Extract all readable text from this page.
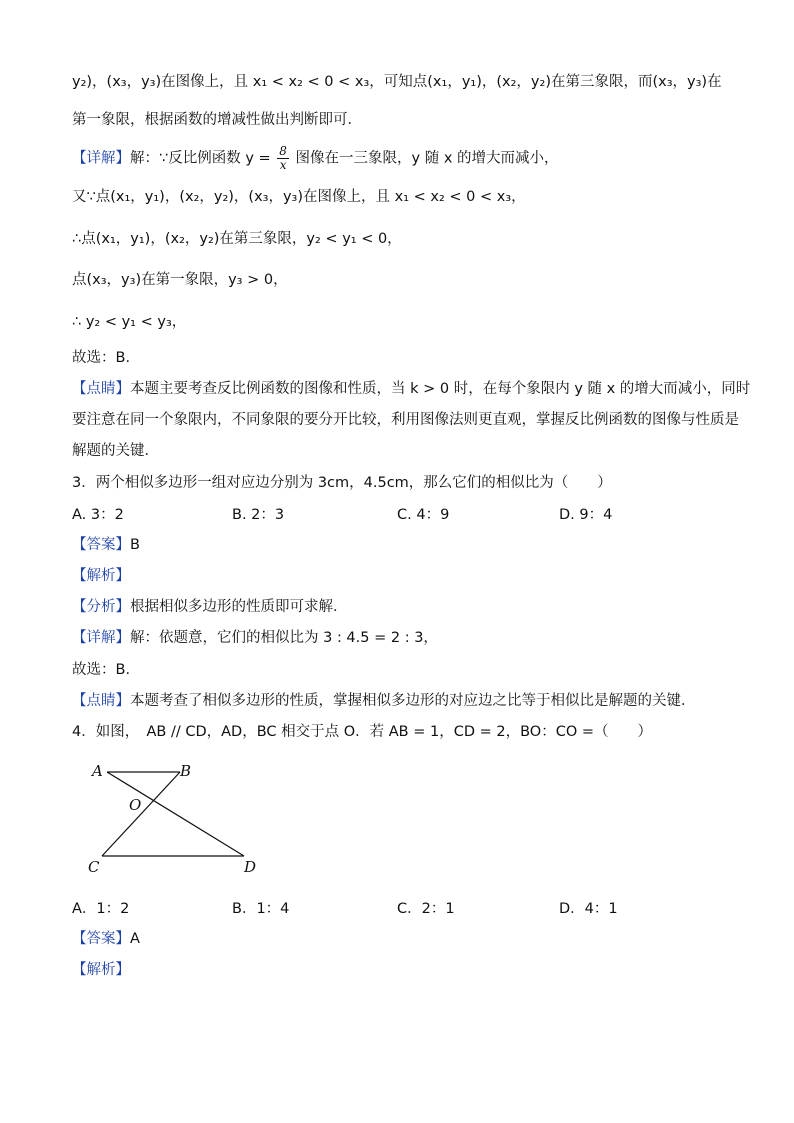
y₂)，(x₃，y₃)在图像上，且 x₁ < x₂ < 0 < x₃，可知点(x₁，y₁)，(x₂，y₂)在第三象限，而(x₃，y₃)在
第一象限，根据函数的增减性做出判断即可．
【详解】解：∵反比例函数 $y = \frac{8}{x}$ 图像在一三象限，y 随 x 的增大而减小，
又∵点(x₁，y₁)，(x₂，y₂)，(x₃，y₃)在图像上，且 x₁ < x₂ < 0 < x₃，
∴点(x₁，y₁)，(x₂，y₂)在第三象限，y₂ < y₁ < 0，
点(x₃，y₃)在第一象限，y₃ > 0，
∴ y₂ < y₁ < y₃，
故选：B．
【点睛】本题主要考查反比例函数的图像和性质，当 k > 0 时，在每个象限内 y 随 x 的增大而减小，同时
要注意在同一个象限内，不同象限的要分开比较，利用图像法则更直观，掌握反比例函数的图像与性质是
解题的关键．
3．两个相似多边形一组对应边分别为 3cm，4.5cm，那么它们的相似比为（　　）
A. 3：2	B. 2：3	C. 4：9	D. 9：4
【答案】B
【解析】
【分析】根据相似多边形的性质即可求解．
【详解】解：依题意，它们的相似比为 3 : 4.5 = 2 : 3，
故选：B．
【点睛】本题考查了相似多边形的性质，掌握相似多边形的对应边之比等于相似比是解题的关键．
4．如图，　AB // CD，AD，BC 相交于点 O．若 AB = 1，CD = 2，BO：CO =（　　）
A	B
O
C	D
A．1：2	B．1：4	C．2：1	D．4：1
【答案】A
【解析】
